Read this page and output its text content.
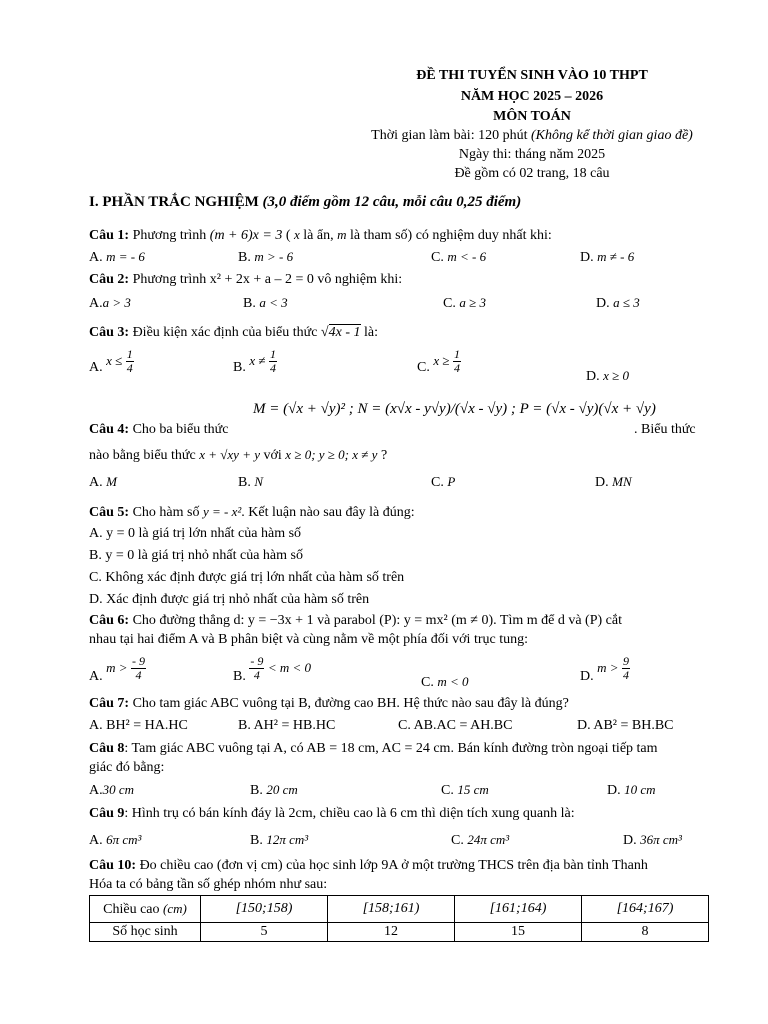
ĐỀ THI TUYỂN SINH VÀO 10 THPT
NĂM HỌC 2025 – 2026
MÔN TOÁN
Thời gian làm bài: 120 phút (Không kể thời gian giao đề)
Ngày thi: tháng năm 2025
Đề gồm có 02 trang, 18 câu
I. PHẦN TRẮC NGHIỆM (3,0 điểm gồm 12 câu, mỗi câu 0,25 điểm)
Câu 1: Phương trình (m + 6)x = 3 ( x là ẩn, m là tham số) có nghiệm duy nhất khi:
A. m = - 6	B. m > - 6	C. m < - 6	D. m ≠ - 6
Câu 2: Phương trình x² + 2x + a – 2 = 0 vô nghiệm khi:
A.a > 3	B. a < 3	C. a ≥ 3	D. a ≤ 3
Câu 3: Điều kiện xác định của biểu thức √4x - 1 là:
A. $x \le \frac{1}{4}$	B. $x \ne \frac{1}{4}$	C. $x \ge \frac{1}{4}$
D. x ≥ 0
M = (√x + √y)² ; N = (x√x - y√y)/(√x - √y) ; P = (√x - √y)(√x + √y)
Câu 4: Cho ba biểu thức	. Biểu thức
nào bằng biểu thức x + √xy + y với x ≥ 0; y ≥ 0; x ≠ y ?
A. M	B. N	C. P	D. MN
Câu 5: Cho hàm số y = - x². Kết luận nào sau đây là đúng:
A. y = 0 là giá trị lớn nhất của hàm số
B. y = 0 là giá trị nhỏ nhất của hàm số
C. Không xác định được giá trị lớn nhất của hàm số trên
D. Xác định được giá trị nhỏ nhất của hàm số trên
Câu 6: Cho đường thẳng d: y = −3x + 1 và parabol (P): y = mx² (m ≠ 0). Tìm m để d và (P) cắt
nhau tại hai điểm A và B phân biệt và cùng nằm về một phía đối với trục tung:
A. $m > \frac{- 9}{4}$	B. $\frac{- 9}{4} < m < 0$
C. m < 0	D. $m > \frac{9}{4}$
Câu 7: Cho tam giác ABC vuông tại B, đường cao BH. Hệ thức nào sau đây là đúng?
A. BH² = HA.HC	B. AH² = HB.HC	C. AB.AC = AH.BC	D. AB² = BH.BC
Câu 8: Tam giác ABC vuông tại A, có AB = 18 cm, AC = 24 cm. Bán kính đường tròn ngoại tiếp tam
giác đó bằng:
A.30 cm	B. 20 cm	C. 15 cm	D. 10 cm
Câu 9: Hình trụ có bán kính đáy là 2cm, chiều cao là 6 cm thì diện tích xung quanh là:
A. 6π cm³	B. 12π cm³	C. 24π cm³	D. 36π cm³
Câu 10: Đo chiều cao (đơn vị cm) của học sinh lớp 9A ở một trường THCS trên địa bàn tỉnh Thanh
Hóa ta có bảng tần số ghép nhóm như sau:
Chiều cao (cm)	[150;158)	[158;161)	[161;164)	[164;167)
Số học sinh	5	12	15	8
